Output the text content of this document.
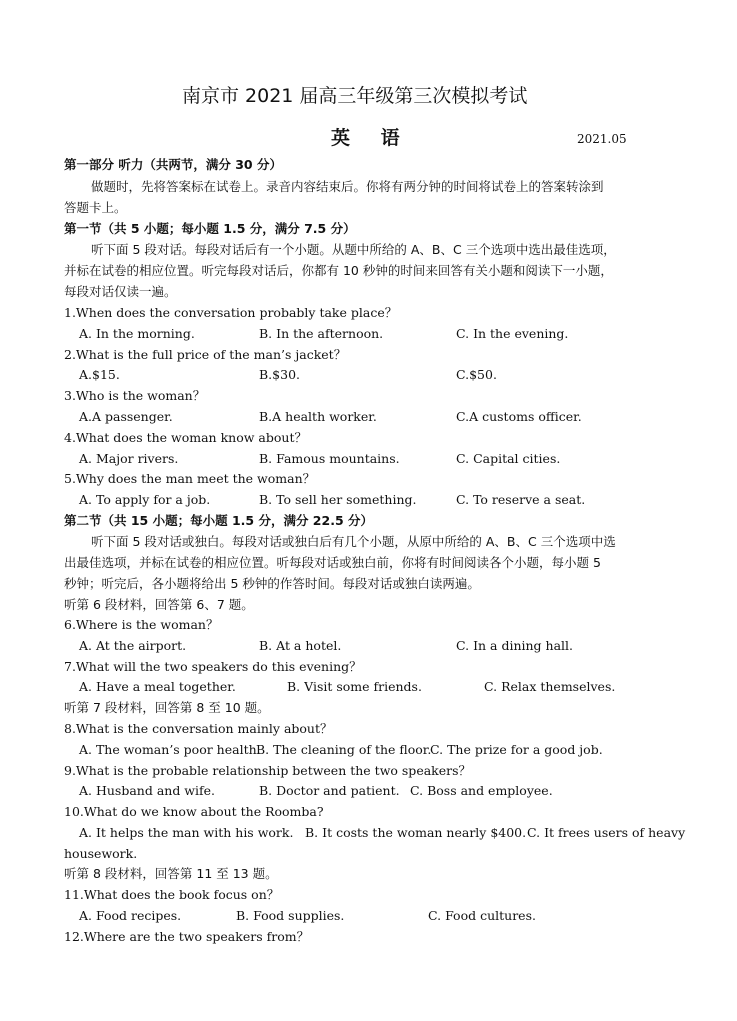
南京市 2021 届高三年级第三次模拟考试
英 语	2021.05
第一部分 听力（共两节，满分 30 分）
做题时，先将答案标在试卷上。录音内容结束后。你将有两分钟的时间将试卷上的答案转涂到
答题卡上。
第一节（共 5 小题；每小题 1.5 分，满分 7.5 分）
听下面 5 段对话。每段对话后有一个小题。从题中所给的 A、B、C 三个选项中选出最佳选项，
并标在试卷的相应位置。听完每段对话后，你都有 10 秒钟的时间来回答有关小题和阅读下一小题，
每段对话仅读一遍。
1.When does the conversation probably take place？
A. In the morning.	B. In the afternoon.	C. In the evening.
2.What is the full price of the man’s jacket？
A.$15.	B.$30.	C.$50.
3.Who is the woman？
A.A passenger.	B.A health worker.	C.A customs officer.
4.What does the woman know about？
A. Major rivers.	B. Famous mountains.	C. Capital cities.
5.Why does the man meet the woman？
A. To apply for a job.	B. To sell her something.	C. To reserve a seat.
第二节（共 15 小题；每小题 1.5 分，满分 22.5 分）
听下面 5 段对话或独白。每段对话或独白后有几个小题，从原中所给的 A、B、C 三个选项中选
出最佳选项，并标在试卷的相应位置。听每段对话或独白前，你将有时间阅读各个小题，每小题 5
秒钟；听完后，各小题将给出 5 秒钟的作答时间。每段对话或独白读两遍。
听第 6 段材料，回答第 6、7 题。
6.Where is the woman？
A. At the airport.	B. At a hotel.	C. In a dining hall.
7.What will the two speakers do this evening？
A. Have a meal together.	B. Visit some friends.	C. Relax themselves.
听第 7 段材料，回答第 8 至 10 题。
8.What is the conversation mainly about？
A. The woman’s poor health.
B. The cleaning of the floor.
C. The prize for a good job.
9.What is the probable relationship between the two speakers？
A. Husband and wife.	B. Doctor and patient. C. Boss and employee.
10.What do we know about the Roomba?
A. It helps the man with his work. B. It costs the woman nearly $400. C. It frees users of heavy
housework.
听第 8 段材料，回答第 11 至 13 题。
11.What does the book focus on？
A. Food recipes.	B. Food supplies.	C. Food cultures.
12.Where are the two speakers from？
